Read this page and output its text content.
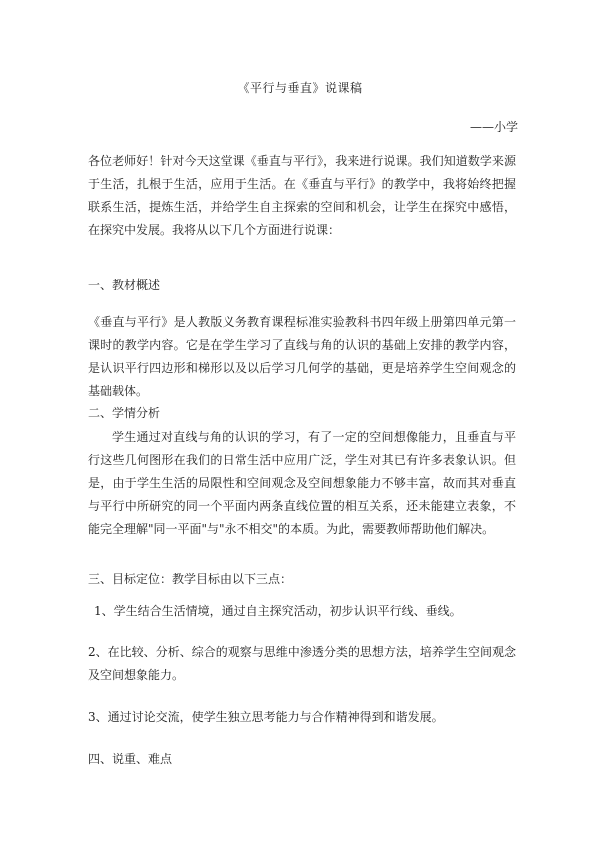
《平行与垂直》说课稿
——小学

各位老师好！针对今天这堂课《垂直与平行》，我来进行说课。我们知道数学来源于生活，扎根于生活，应用于生活。在《垂直与平行》的教学中，我将始终把握联系生活，提炼生活，并给学生自主探索的空间和机会，让学生在探究中感悟，在探究中发展。我将从以下几个方面进行说课：

一、教材概述

《垂直与平行》是人教版义务教育课程标准实验教科书四年级上册第四单元第一课时的教学内容。它是在学生学习了直线与角的认识的基础上安排的教学内容，是认识平行四边形和梯形以及以后学习几何学的基础，更是培养学生空间观念的基础载体。

二、学情分析

学生通过对直线与角的认识的学习，有了一定的空间想像能力，且垂直与平行这些几何图形在我们的日常生活中应用广泛，学生对其已有许多表象认识。但是，由于学生生活的局限性和空间观念及空间想象能力不够丰富，故而其对垂直与平行中所研究的同一个平面内两条直线位置的相互关系，还未能建立表象，不能完全理解"同一平面"与"永不相交"的本质。为此，需要教师帮助他们解决。

三、目标定位：教学目标由以下三点：

1、学生结合生活情境，通过自主探究活动，初步认识平行线、垂线。

2、在比较、分析、综合的观察与思维中渗透分类的思想方法，培养学生空间观念及空间想象能力。

3、通过讨论交流，使学生独立思考能力与合作精神得到和谐发展。

四、说重、难点
